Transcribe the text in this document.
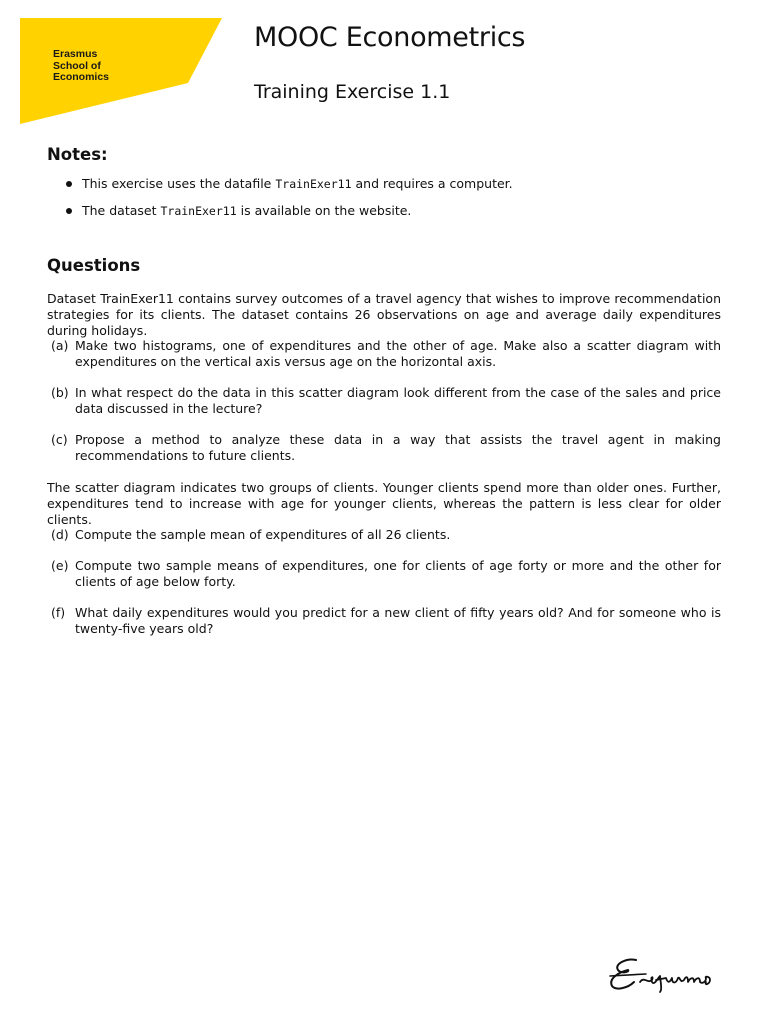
Erasmus
School of
Economics
MOOC Econometrics
Training Exercise 1.1
Notes:
This exercise uses the datafile TrainExer11 and requires a computer.
The dataset TrainExer11 is available on the website.
Questions
Dataset TrainExer11 contains survey outcomes of a travel agency that wishes to improve recommendation strategies for its clients. The dataset contains 26 observations on age and average daily expenditures during holidays.
(a) Make two histograms, one of expenditures and the other of age. Make also a scatter diagram with expenditures on the vertical axis versus age on the horizontal axis.
(b) In what respect do the data in this scatter diagram look different from the case of the sales and price data discussed in the lecture?
(c) Propose a method to analyze these data in a way that assists the travel agent in making recommendations to future clients.
The scatter diagram indicates two groups of clients. Younger clients spend more than older ones. Further, expenditures tend to increase with age for younger clients, whereas the pattern is less clear for older clients.
(d) Compute the sample mean of expenditures of all 26 clients.
(e) Compute two sample means of expenditures, one for clients of age forty or more and the other for clients of age below forty.
(f) What daily expenditures would you predict for a new client of fifty years old? And for someone who is twenty-five years old?
